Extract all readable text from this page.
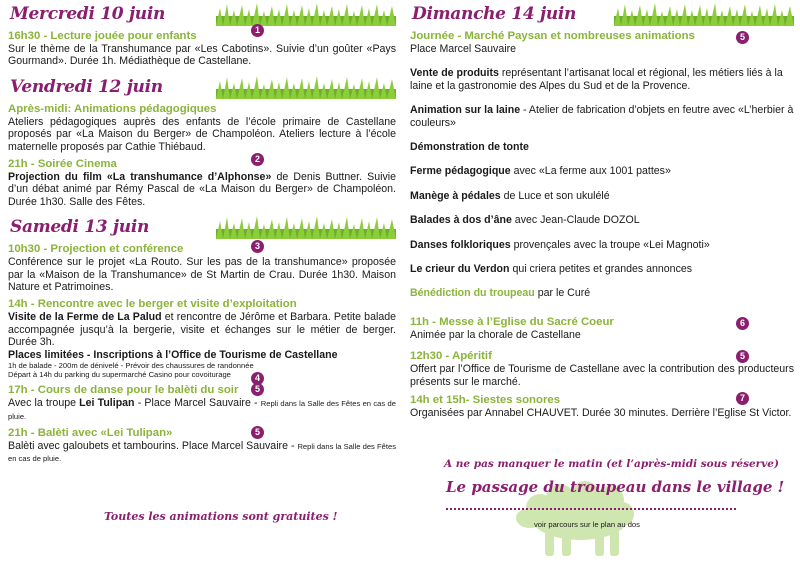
Mercredi 10 juin
16h30 - Lecture jouée pour enfants
Sur le thème de la Transhumance par «Les Cabotins». Suivie d’un goûter «Pays Gourmand». Durée 1h. Médiathèque de Castellane.
1
Vendredi 12 juin
Après-midi: Animations pédagogiques
Ateliers pédagogiques auprès des enfants de l’école primaire de Castellane proposés par «La Maison du Berger» de Champoléon. Ateliers lecture à l’école maternelle proposés par Cathie Thiébaud.
21h - Soirée Cinema
Projection du film «La transhumance d’Alphonse» de Denis Buttner. Suivie d’un débat animé par Rémy Pascal de «La Maison du Berger» de Champoléon. Durée 1h30. Salle des Fêtes.
2
Samedi 13 juin
10h30 - Projection et conférence
Conférence sur le projet «La Routo. Sur les pas de la transhumance» proposée par la «Maison de la Transhumance» de St Martin de Crau. Durée 1h30. Maison Nature et Patrimoines.
3
14h - Rencontre avec le berger et visite d’exploitation
Visite de la Ferme de La Palud et rencontre de Jérôme et Barbara. Petite balade accompagnée jusqu’à la bergerie, visite et échanges sur le métier de berger. Durée 3h.
Places limitées - Inscriptions à l’Office de Tourisme de Castellane
1h de balade - 200m de dénivelé - Prévoir des chaussures de randonnée
Départ à 14h du parking du supermarché Casino pour covoiturage	4
17h - Cours de danse pour le balèti du soir
Avec la troupe Lei Tulipan - Place Marcel Sauvaire - Repli dans la Salle des Fêtes en cas de pluie.
5
21h - Balèti avec «Lei Tulipan»
Balèti avec galoubets et tambourins. Place Marcel Sauvaire - Repli dans la Salle des Fêtes en cas de pluie.
5
Toutes les animations sont gratuites !
Dimanche 14 juin
Journée - Marché Paysan et nombreuses animations
Place Marcel Sauvaire
5
Vente de produits représentant l’artisanat local et régional, les métiers liés à la laine et la gastronomie des Alpes du Sud et de la Provence.
Animation sur la laine - Atelier de fabrication d’objets en feutre avec «L’herbier à couleurs»
Démonstration de tonte
Ferme pédagogique avec «La ferme aux 1001 pattes»
Manège à pédales de Luce et son ukulélé
Balades à dos d’âne avec Jean-Claude DOZOL
Danses folkloriques provençales avec la troupe «Lei Magnoti»
Le crieur du Verdon qui criera petites et grandes annonces
Bénédiction du troupeau par le Curé
11h - Messe à l’Eglise du Sacré Coeur
Animée par la chorale de Castellane
6
12h30 - Apéritif
Offert par l’Office de Tourisme de Castellane avec la contribution des producteurs présents sur le marché.
5
14h et 15h- Siestes sonores
Organisées par Annabel CHAUVET. Durée 30 minutes. Derrière l’Eglise St Victor.
7
A ne pas manquer le matin (et l’après-midi sous réserve)
Le passage du troupeau dans le village !
voir parcours sur le plan au dos
